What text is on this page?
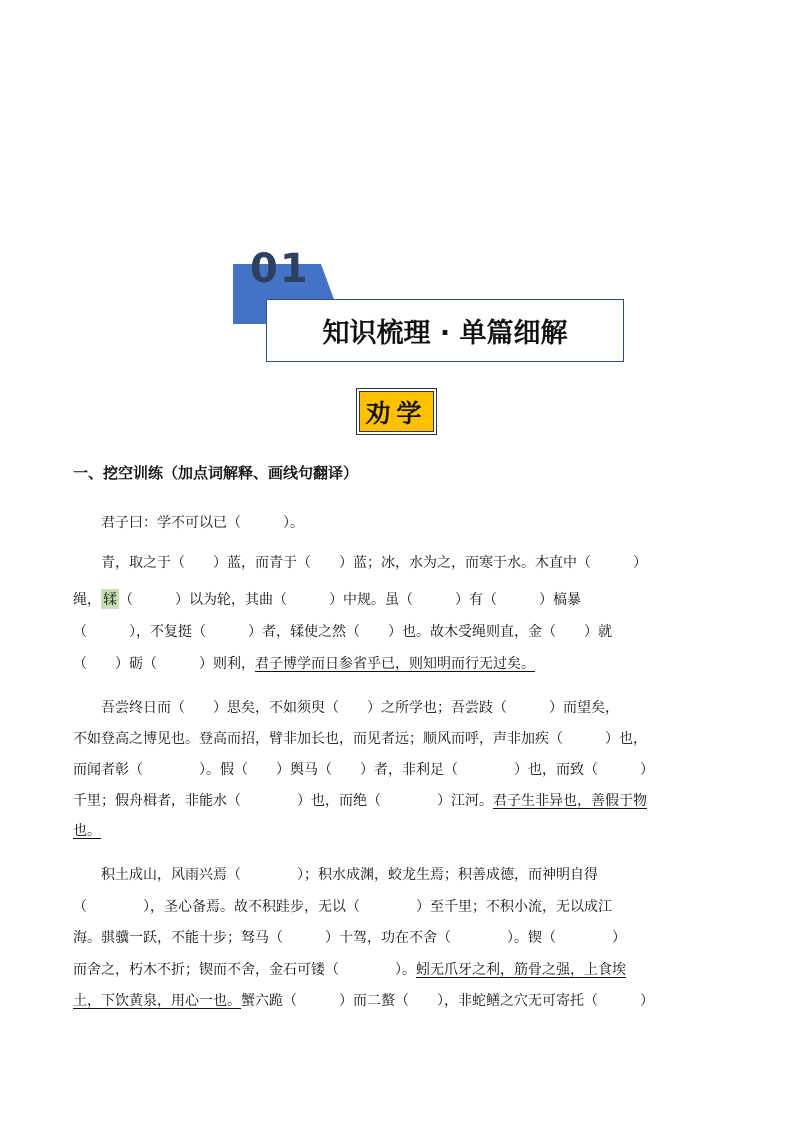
01
知识梳理 · 单篇细解
劝学
一、挖空训练（加点词解释、画线句翻译）
　　君子曰：学不可以已（　　　）。
　　青，取之于（　　）蓝，而青于（　　）蓝；冰，水为之，而寒于水。木直中（　　　）
绳， 𫐓 （　　　）以为轮，其曲（　　　）中规。虽（　　　）有（　　　）槁暴
（　　　），不复挺（　　　）者，𫐓使之然（　　）也。故木受绳则直，金（　　）就
（　　）砺（　　　）则利，君子博学而日参省乎已，则知明而行无过矣。
　　吾尝终日而（　　）思矣，不如须臾（　　）之所学也；吾尝跂（　　　）而望矣，
不如登高之博见也。登高而招，臂非加长也，而见者远；顺风而呼，声非加疾（　　　）也，
而闻者彰（　　　　）。假（　　）舆马（　　）者，非利足（　　　　）也，而致（　　　）
千里；假舟楫者，非能水（　　　　）也，而绝（　　　　）江河。君子生非异也，善假于物
也。
　　积土成山，风雨兴焉（　　　　）；积水成渊，蛟龙生焉；积善成德，而神明自得
（　　　　），圣心备焉。故不积跬步，无以（　　　　）至千里；不积小流，无以成江
海。骐骥一跃，不能十步；驽马（　　　）十驾，功在不舍（　　　　）。锲（　　　　）
而舍之，朽木不折；锲而不舍，金石可镂（　　　　）。蚓无爪牙之利，筋骨之强，上食埃
土，下饮黄泉，用心一也。蟹六跪（　　　）而二螯（　　），非蛇鳝之穴无可寄托（　　　）
